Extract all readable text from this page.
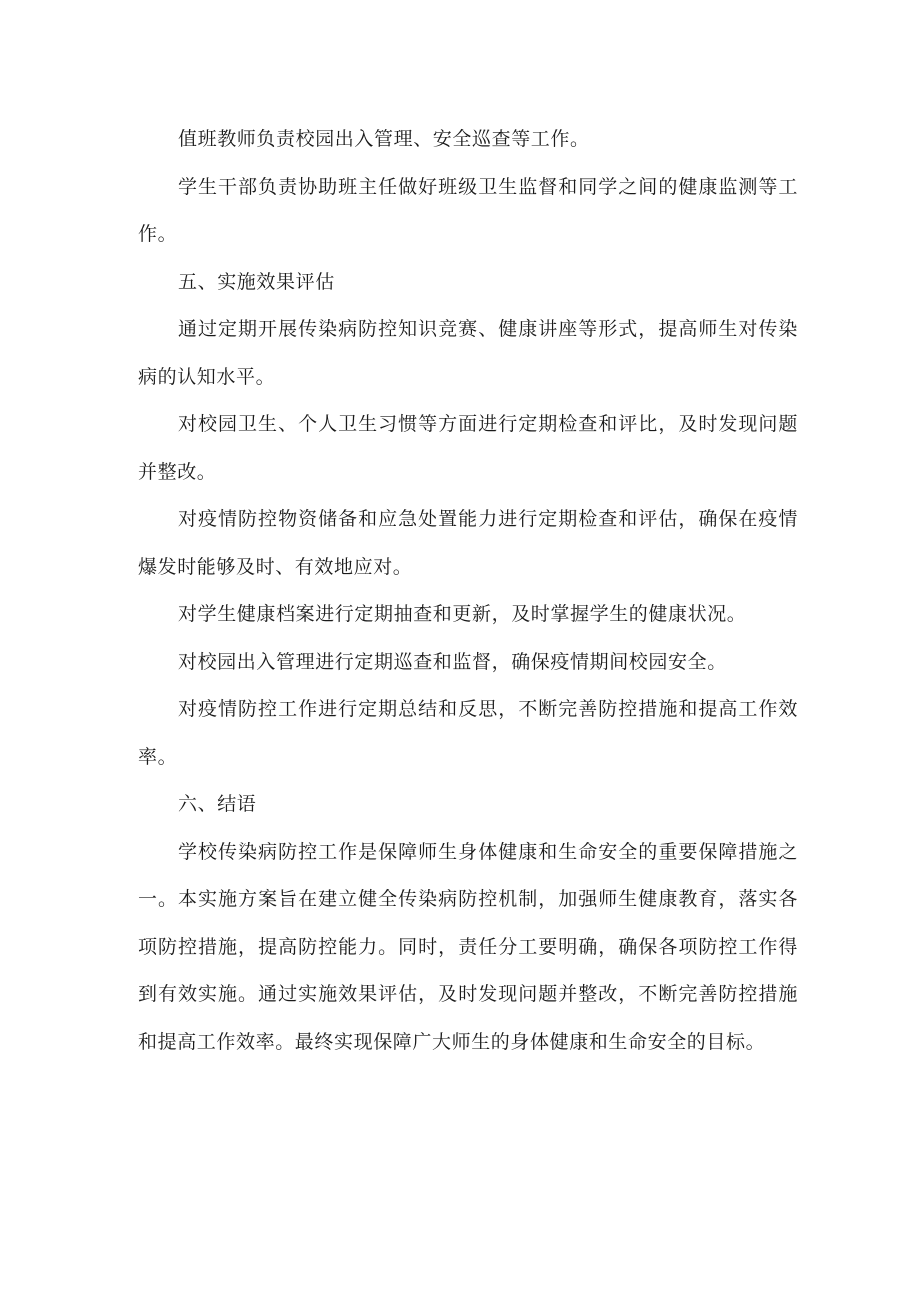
值班教师负责校园出入管理、安全巡查等工作。

学生干部负责协助班主任做好班级卫生监督和同学之间的健康监测等工作。

五、实施效果评估

通过定期开展传染病防控知识竞赛、健康讲座等形式，提高师生对传染病的认知水平。

对校园卫生、个人卫生习惯等方面进行定期检查和评比，及时发现问题并整改。

对疫情防控物资储备和应急处置能力进行定期检查和评估，确保在疫情爆发时能够及时、有效地应对。

对学生健康档案进行定期抽查和更新，及时掌握学生的健康状况。

对校园出入管理进行定期巡查和监督，确保疫情期间校园安全。

对疫情防控工作进行定期总结和反思，不断完善防控措施和提高工作效率。

六、结语

学校传染病防控工作是保障师生身体健康和生命安全的重要保障措施之一。本实施方案旨在建立健全传染病防控机制，加强师生健康教育，落实各项防控措施，提高防控能力。同时，责任分工要明确，确保各项防控工作得到有效实施。通过实施效果评估，及时发现问题并整改，不断完善防控措施和提高工作效率。最终实现保障广大师生的身体健康和生命安全的目标。
